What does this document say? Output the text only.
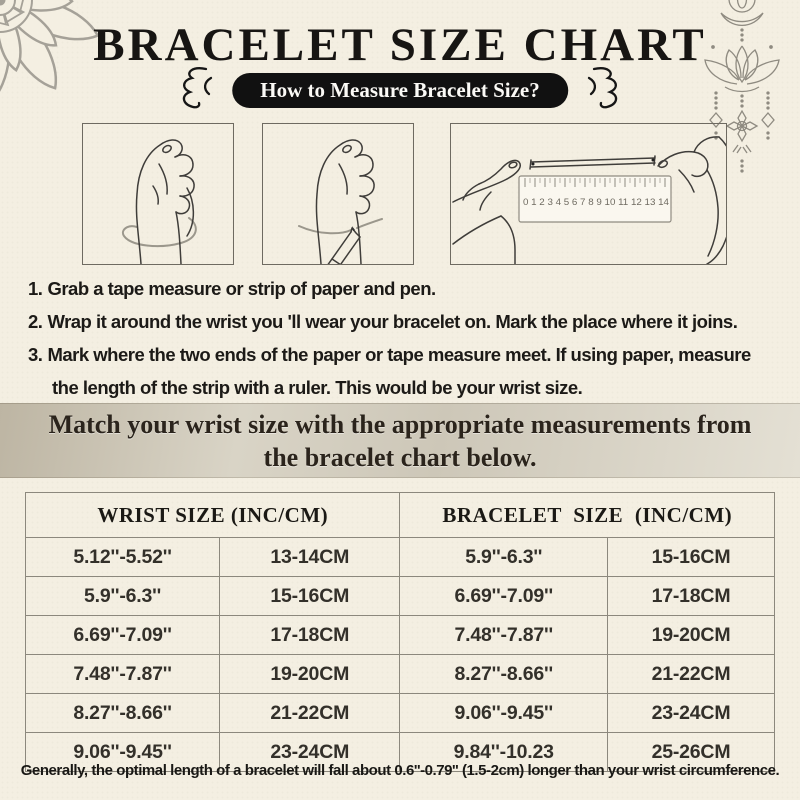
BRACELET SIZE CHART
How to Measure Bracelet Size?
0 1 2 3 4 5 6 7 8 9 10 11 12 13 14

1. Grab a tape measure or strip of paper and pen.

2. Wrap it around the wrist you 'll wear your bracelet on. Mark the place where it joins.

3. Mark where the two ends of the paper or tape measure meet. If using paper, measure the length of the strip with a ruler. This would be your wrist size.

Match your wrist size with the appropriate measurements from the bracelet chart below.

WRIST SIZE (INC/CM)		BRACELET SIZE (INC/CM)	
5.12''-5.52''	13-14CM	5.9''-6.3''	15-16CM
5.9''-6.3''	15-16CM	6.69''-7.09''	17-18CM
6.69''-7.09''	17-18CM	7.48''-7.87''	19-20CM
7.48''-7.87''	19-20CM	8.27''-8.66''	21-22CM
8.27''-8.66''	21-22CM	9.06''-9.45''	23-24CM
9.06''-9.45''	23-24CM	9.84''-10.23	25-26CM
Generally, the optimal length of a bracelet will fall about 0.6''-0.79'' (1.5-2cm) longer than your wrist circumference.
